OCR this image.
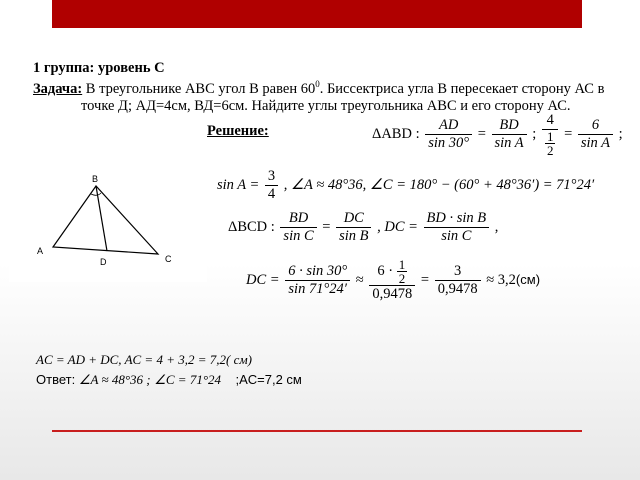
1 группа: уровень С
Задача: В треугольнике АВС угол В равен $60^0$. Биссектриса угла В пересекает сторону АС в
точке Д; АД=4см, ВД=6см. Найдите углы треугольника АВС и его сторону АС.
Решение:
B
A
C
D
ΔABD : $\frac{AD}{\sin 30^\circ} = \frac{BD}{\text{sin A}}$ ; $\frac{4}{\frac{1}{2}} = \frac{6}{\text{sin A}}$ ;
$\sin A = \frac{3}{4}$ , ∠A ≈ 48°36, ∠C = 180° − (60° + 48°36′) = 71°24′
ΔBCD : $\frac{BD}{\text{sin C}} = \frac{DC}{\text{sin B}}$ , DC = $\frac{\text{BD · sin B}}{\text{sin C}}$ ,
DC = $\frac{6 \cdot \sin 30^\circ}{\sin 71^\circ 24'} \approx \frac{6 \cdot \frac{1}{2}}{0,9478} = \frac{3}{0,9478} \approx 3,2(см)$
AC = AD + DC, AC = 4 + 3,2 = 7,2( см)
Ответ: ∠A ≈ 48°36 ; ∠C = 71°24 ;AC=7,2 см
